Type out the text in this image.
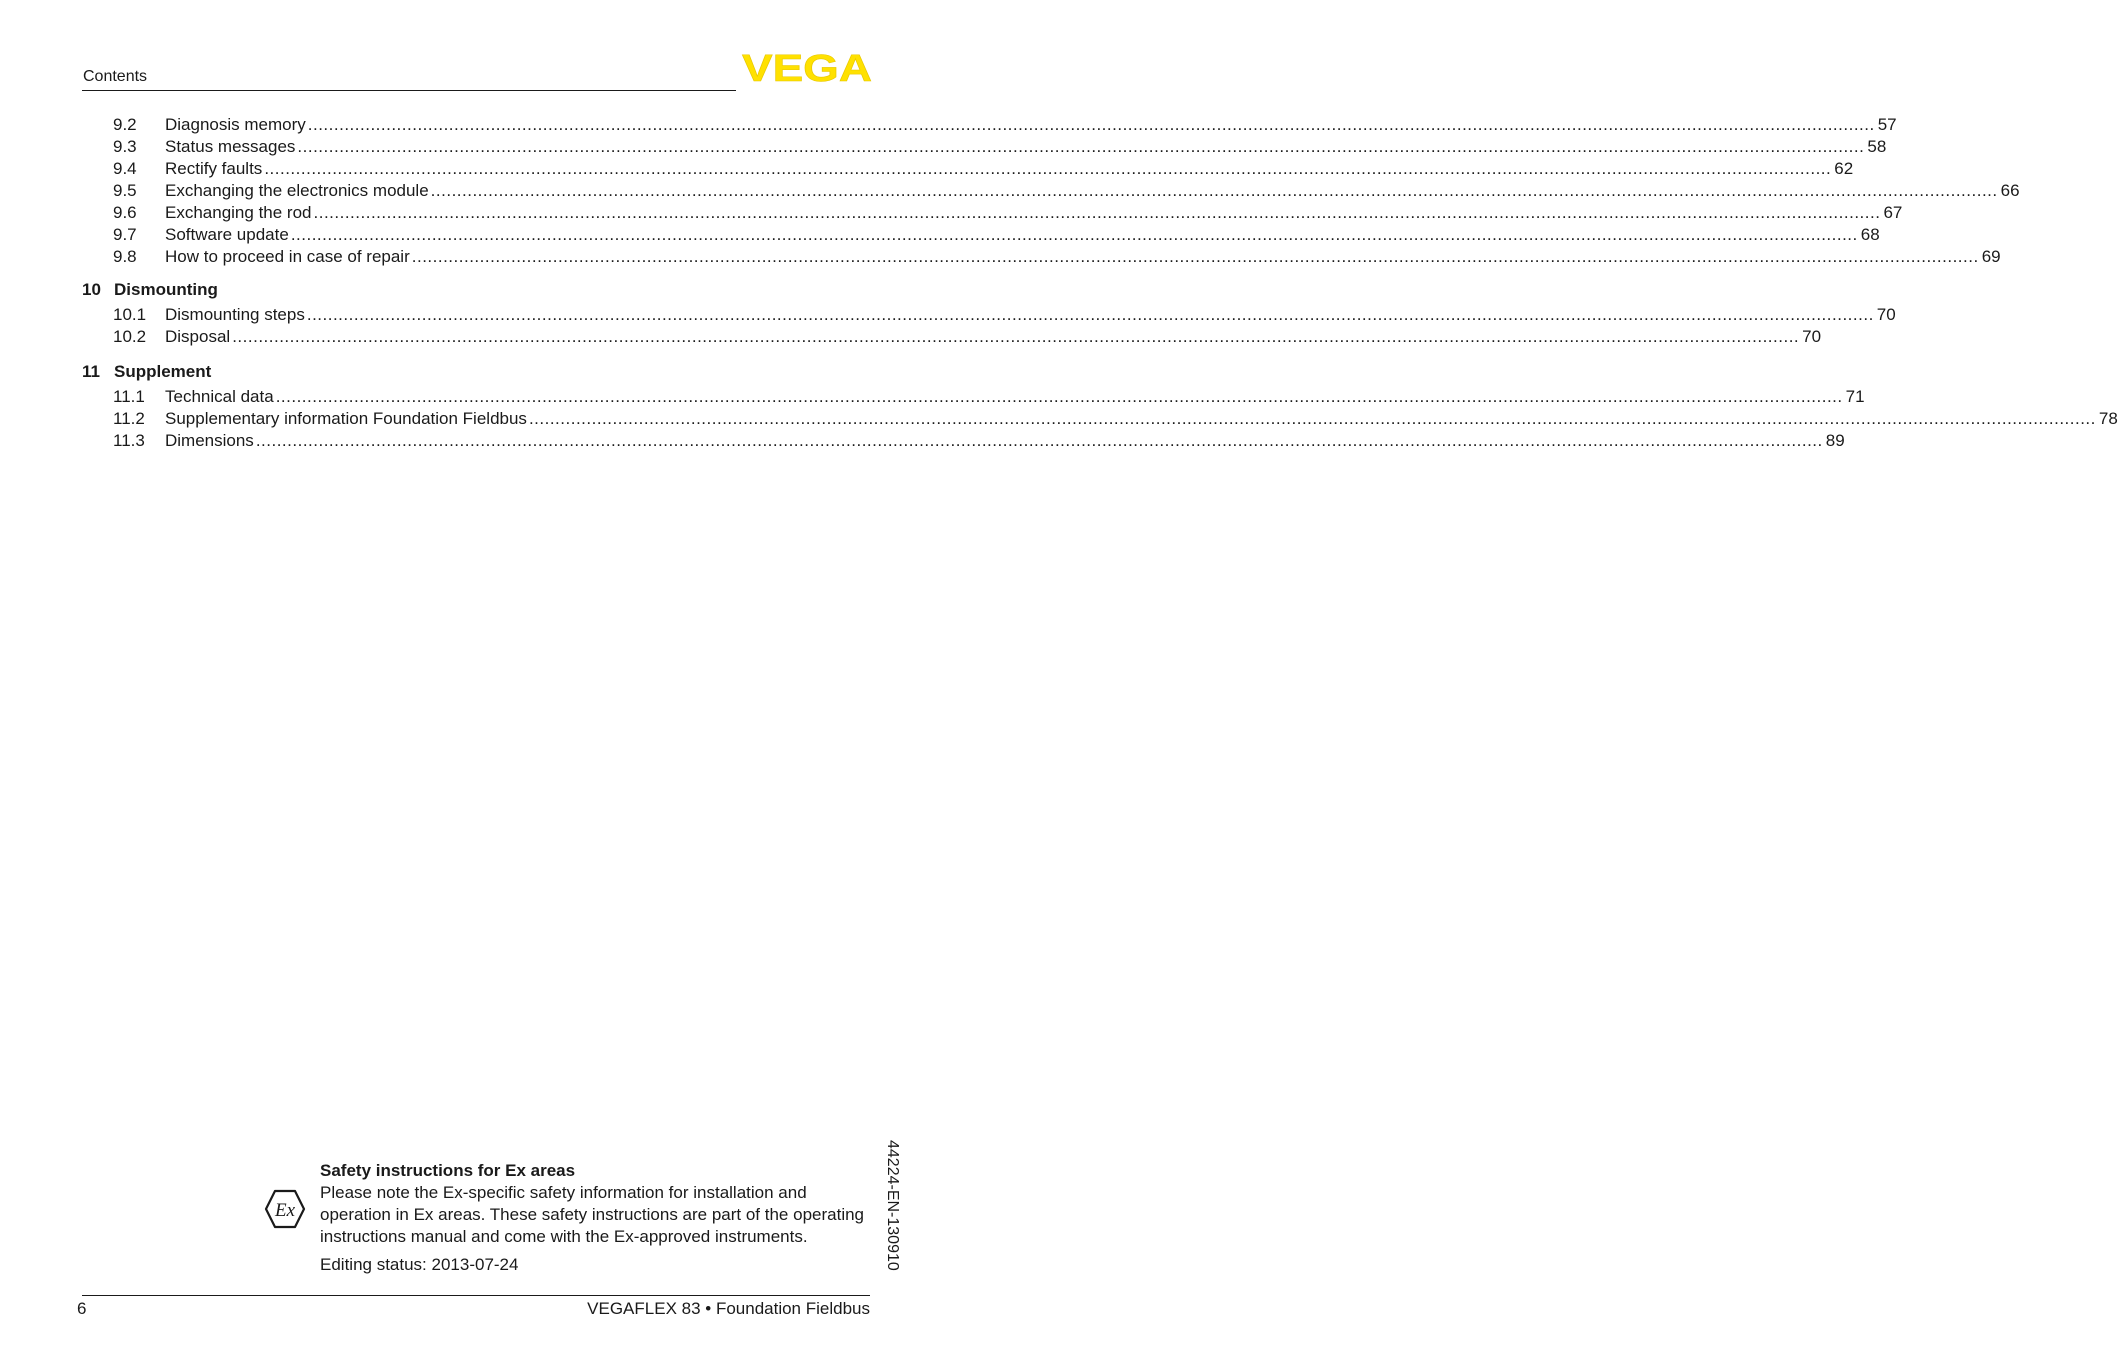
Contents	VEGA
9.2	Diagnosis memory ............................................................................................................................................................................................................................................................................................................ 57
9.3	Status messages ............................................................................................................................................................................................................................................................................................................ 58
9.4	Rectify faults ............................................................................................................................................................................................................................................................................................................ 62
9.5	Exchanging the electronics module ............................................................................................................................................................................................................................................................................................................ 66
9.6	Exchanging the rod ............................................................................................................................................................................................................................................................................................................ 67
9.7	Software update ............................................................................................................................................................................................................................................................................................................ 68
9.8	How to proceed in case of repair ............................................................................................................................................................................................................................................................................................................ 69
10 Dismounting
10.1	Dismounting steps ............................................................................................................................................................................................................................................................................................................ 70
10.2	Disposal ............................................................................................................................................................................................................................................................................................................ 70
11 Supplement
11.1	Technical data ............................................................................................................................................................................................................................................................................................................ 71
11.2	Supplementary information Foundation Fieldbus ............................................................................................................................................................................................................................................................................................................ 78
11.3	Dimensions ............................................................................................................................................................................................................................................................................................................ 89
Ex
Safety instructions for Ex areas
Please note the Ex-specific safety information for installation and operation in Ex areas. These safety instructions are part of the operating instructions manual and come with the Ex-approved instruments.
Editing status: 2013-07-24	44224-EN-130910
6	VEGAFLEX 83 • Foundation Fieldbus
